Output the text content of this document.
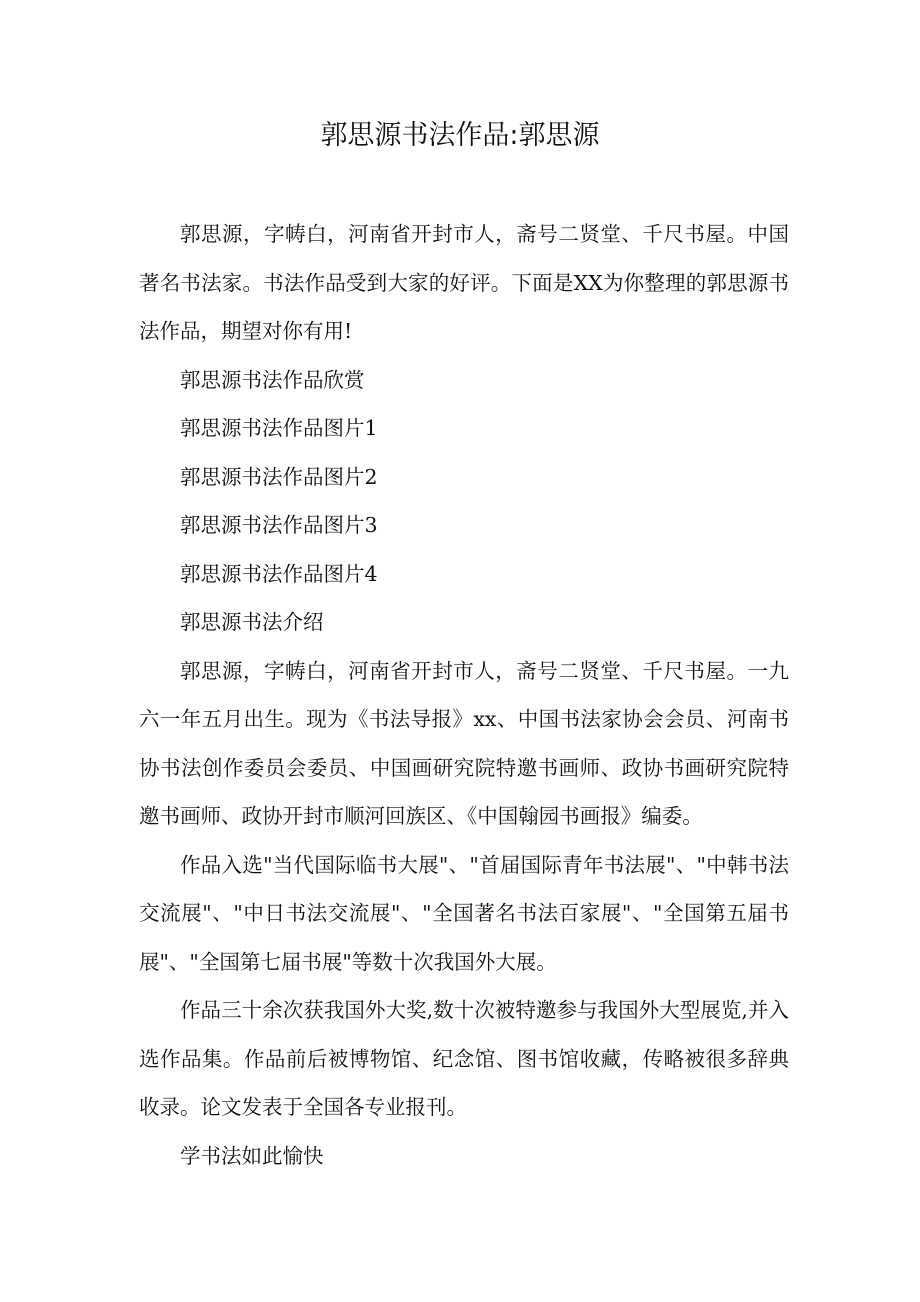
郭思源书法作品:郭思源

郭思源，字帱白，河南省开封市人，斋号二贤堂、千尺书屋。中国著名书法家。书法作品受到大家的好评。下面是XX为你整理的郭思源书法作品，期望对你有用!

郭思源书法作品欣赏

郭思源书法作品图片1

郭思源书法作品图片2

郭思源书法作品图片3

郭思源书法作品图片4

郭思源书法介绍

郭思源，字帱白，河南省开封市人，斋号二贤堂、千尺书屋。一九六一年五月出生。现为《书法导报》xx、中国书法家协会会员、河南书协书法创作委员会委员、中国画研究院特邀书画师、政协书画研究院特邀书画师、政协开封市顺河回族区、《中国翰园书画报》编委。

作品入选"当代国际临书大展"、"首届国际青年书法展"、"中韩书法交流展"、"中日书法交流展"、"全国著名书法百家展"、"全国第五届书展"、"全国第七届书展"等数十次我国外大展。

作品三十余次获我国外大奖,数十次被特邀参与我国外大型展览,并入选作品集。作品前后被博物馆、纪念馆、图书馆收藏，传略被很多辞典收录。论文发表于全国各专业报刊。

学书法如此愉快
